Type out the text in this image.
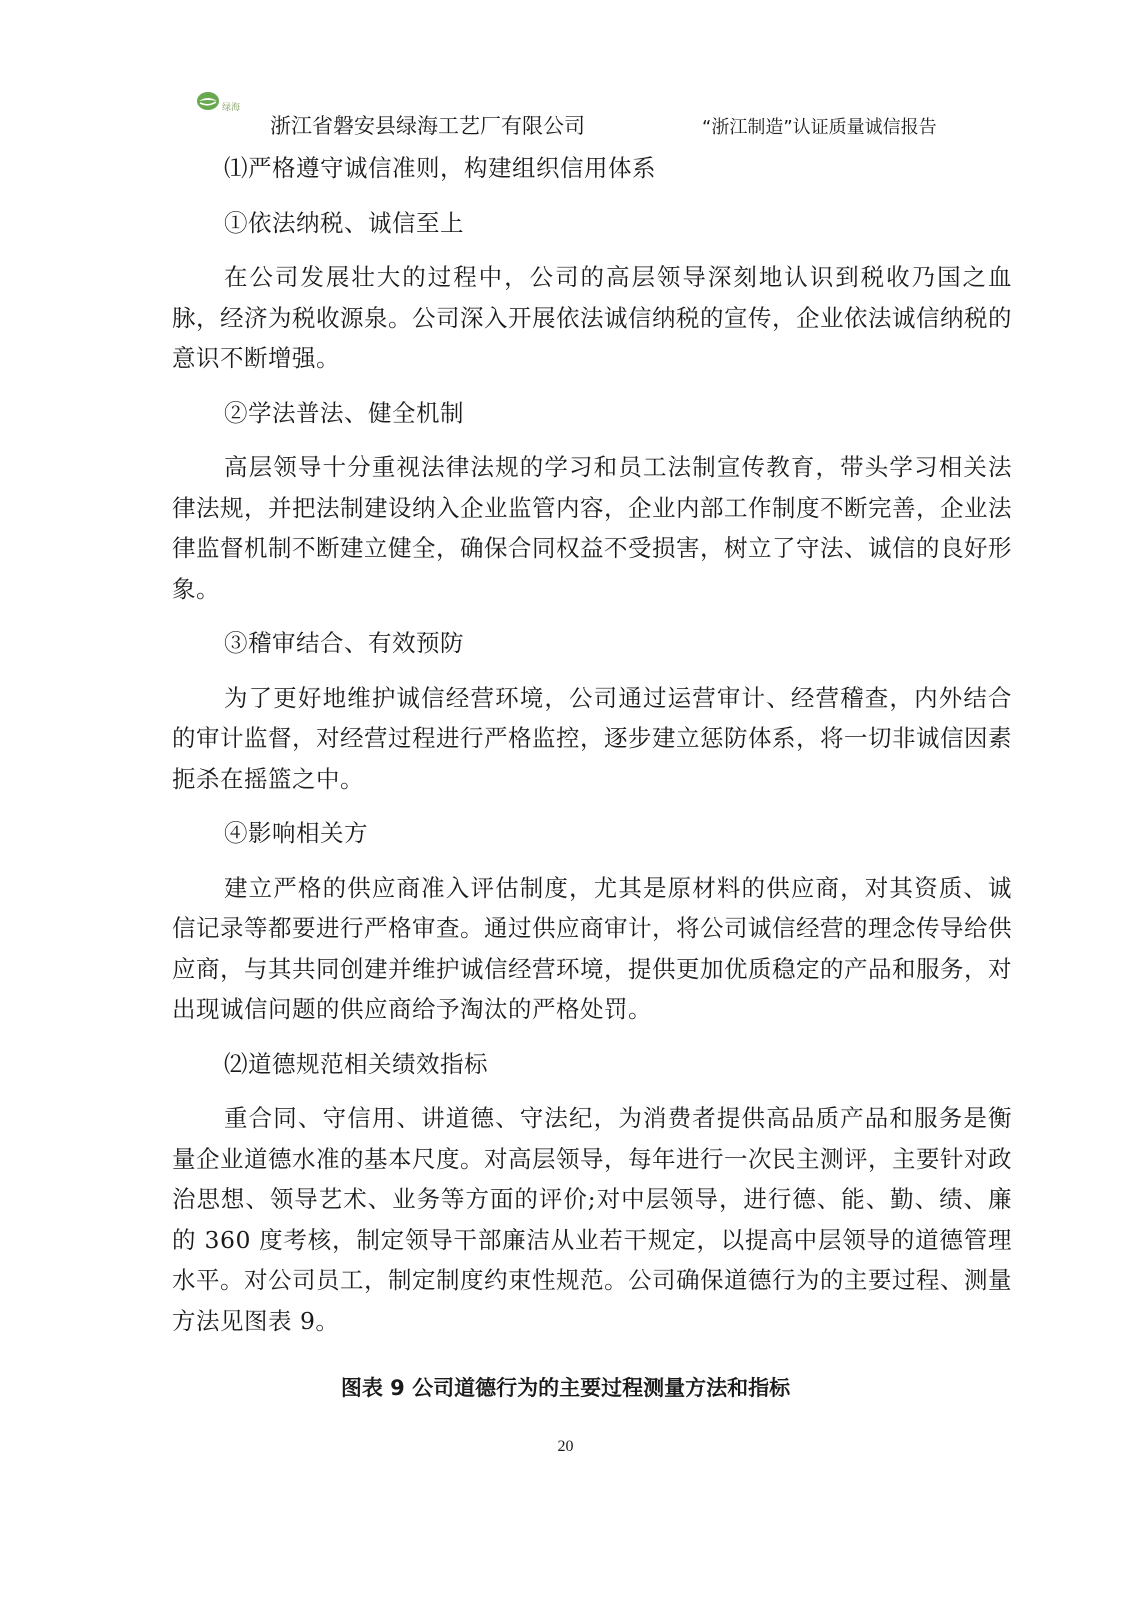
绿海
浙江省磐安县绿海工艺厂有限公司	“浙江制造”认证质量诚信报告

⑴严格遵守诚信准则，构建组织信用体系

①依法纳税、诚信至上

在公司发展壮大的过程中，公司的高层领导深刻地认识到税收乃国之血脉，经济为税收源泉。公司深入开展依法诚信纳税的宣传，企业依法诚信纳税的意识不断增强。

②学法普法、健全机制

高层领导十分重视法律法规的学习和员工法制宣传教育，带头学习相关法律法规，并把法制建设纳入企业监管内容，企业内部工作制度不断完善，企业法律监督机制不断建立健全，确保合同权益不受损害，树立了守法、诚信的良好形象。

③稽审结合、有效预防

为了更好地维护诚信经营环境，公司通过运营审计、经营稽查，内外结合的审计监督，对经营过程进行严格监控，逐步建立惩防体系，将一切非诚信因素扼杀在摇篮之中。

④影响相关方

建立严格的供应商准入评估制度，尤其是原材料的供应商，对其资质、诚信记录等都要进行严格审查。通过供应商审计，将公司诚信经营的理念传导给供应商，与其共同创建并维护诚信经营环境，提供更加优质稳定的产品和服务，对出现诚信问题的供应商给予淘汰的严格处罚。

⑵道德规范相关绩效指标

重合同、守信用、讲道德、守法纪，为消费者提供高品质产品和服务是衡量企业道德水准的基本尺度。对高层领导，每年进行一次民主测评，主要针对政治思想、领导艺术、业务等方面的评价;对中层领导，进行德、能、勤、绩、廉的 360 度考核，制定领导干部廉洁从业若干规定，以提高中层领导的道德管理水平。对公司员工，制定制度约束性规范。公司确保道德行为的主要过程、测量方法见图表 9。

图表 9 公司道德行为的主要过程测量方法和指标
20
